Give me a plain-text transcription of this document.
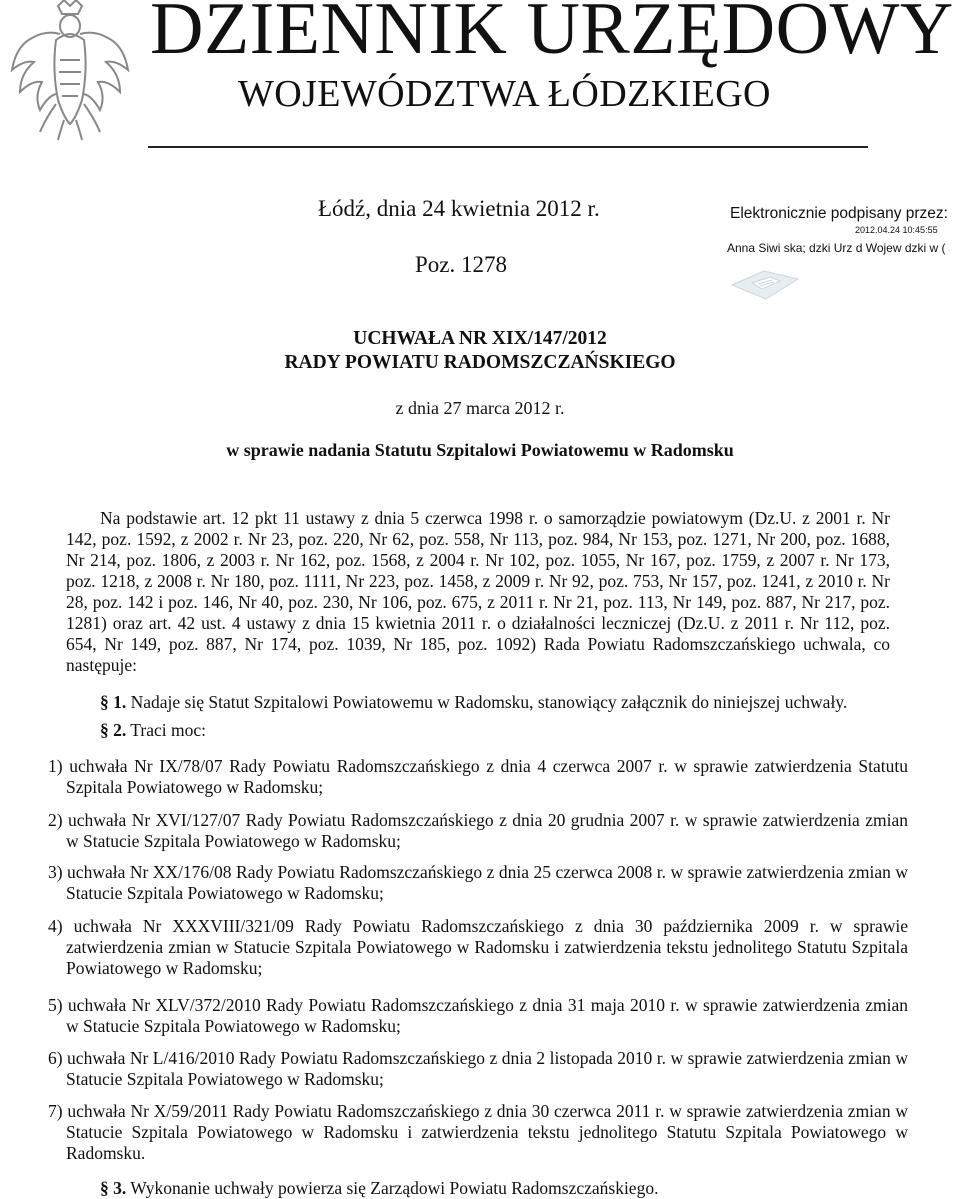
DZIENNIK URZĘDOWY
WOJEWÓDZTWA ŁÓDZKIEGO
Łódź, dnia 24 kwietnia 2012 r.
Poz. 1278
Elektronicznie podpisany przez:
2012.04.24 10:45:55
Anna Siwi ska; dzki Urz d Wojew dzki w (
UCHWAŁA NR XIX/147/2012
RADY POWIATU RADOMSZCZAŃSKIEGO
z dnia 27 marca 2012 r.
w sprawie nadania Statutu Szpitalowi Powiatowemu w Radomsku
Na podstawie art. 12 pkt 11 ustawy z dnia 5 czerwca 1998 r. o samorządzie powiatowym (Dz.U. z 2001 r. Nr 142, poz. 1592, z 2002 r. Nr 23, poz. 220, Nr 62, poz. 558, Nr 113, poz. 984, Nr 153, poz. 1271, Nr 200, poz. 1688, Nr 214, poz. 1806, z 2003 r. Nr 162, poz. 1568, z 2004 r. Nr 102, poz. 1055, Nr 167, poz. 1759, z 2007 r. Nr 173, poz. 1218, z 2008 r. Nr 180, poz. 1111, Nr 223, poz. 1458, z 2009 r. Nr 92, poz. 753, Nr 157, poz. 1241, z 2010 r. Nr 28, poz. 142 i poz. 146, Nr 40, poz. 230, Nr 106, poz. 675, z 2011 r. Nr 21, poz. 113, Nr 149, poz. 887, Nr 217, poz. 1281) oraz art. 42 ust. 4 ustawy z dnia 15 kwietnia 2011 r. o działalności leczniczej (Dz.U. z 2011 r. Nr 112, poz. 654, Nr 149, poz. 887, Nr 174, poz. 1039, Nr 185, poz. 1092) Rada Powiatu Radomszczańskiego uchwala, co następuje:
§ 1. Nadaje się Statut Szpitalowi Powiatowemu w Radomsku, stanowiący załącznik do niniejszej uchwały.
§ 2. Traci moc:
1) uchwała Nr IX/78/07 Rady Powiatu Radomszczańskiego z dnia 4 czerwca 2007 r. w sprawie zatwierdzenia Statutu Szpitala Powiatowego w Radomsku;
2) uchwała Nr XVI/127/07 Rady Powiatu Radomszczańskiego z dnia 20 grudnia 2007 r. w sprawie zatwierdzenia zmian w Statucie Szpitala Powiatowego w Radomsku;
3) uchwała Nr XX/176/08 Rady Powiatu Radomszczańskiego z dnia 25 czerwca 2008 r. w sprawie zatwierdzenia zmian w Statucie Szpitala Powiatowego w Radomsku;
4) uchwała Nr XXXVIII/321/09 Rady Powiatu Radomszczańskiego z dnia 30 października 2009 r. w sprawie zatwierdzenia zmian w Statucie Szpitala Powiatowego w Radomsku i zatwierdzenia tekstu jednolitego Statutu Szpitala Powiatowego w Radomsku;
5) uchwała Nr XLV/372/2010 Rady Powiatu Radomszczańskiego z dnia 31 maja 2010 r. w sprawie zatwierdzenia zmian w Statucie Szpitala Powiatowego w Radomsku;
6) uchwała Nr L/416/2010 Rady Powiatu Radomszczańskiego z dnia 2 listopada 2010 r. w sprawie zatwierdzenia zmian w Statucie Szpitala Powiatowego w Radomsku;
7) uchwała Nr X/59/2011 Rady Powiatu Radomszczańskiego z dnia 30 czerwca 2011 r. w sprawie zatwierdzenia zmian w Statucie Szpitala Powiatowego w Radomsku i zatwierdzenia tekstu jednolitego Statutu Szpitala Powiatowego w Radomsku.
§ 3. Wykonanie uchwały powierza się Zarządowi Powiatu Radomszczańskiego.
